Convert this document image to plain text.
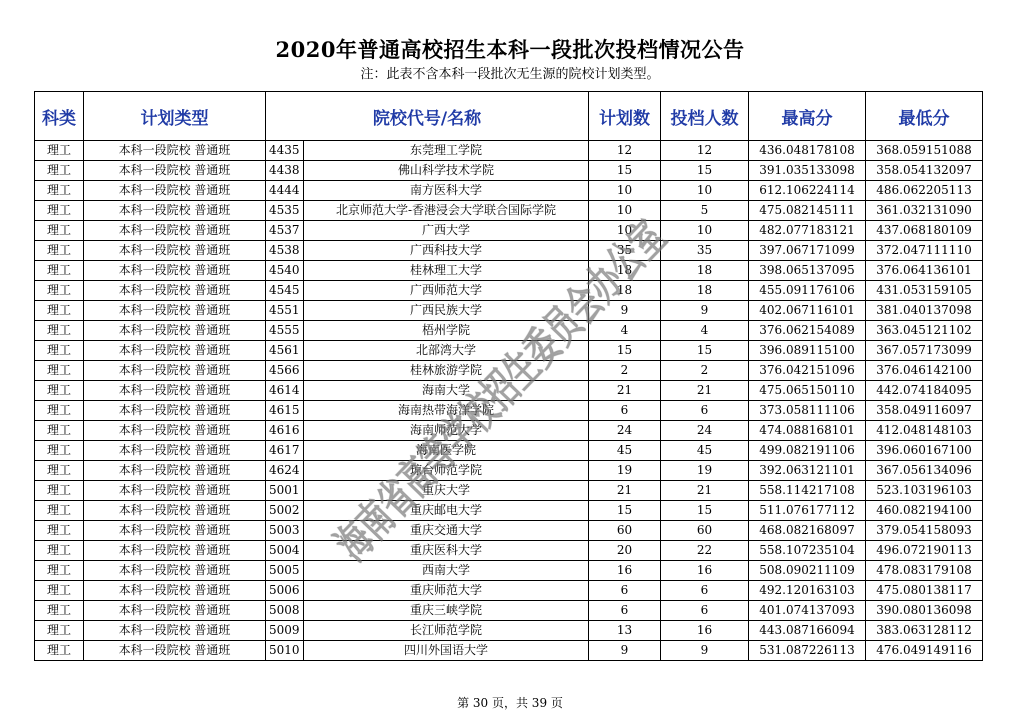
2020年普通高校招生本科一段批次投档情况公告
注：此表不含本科一段批次无生源的院校计划类型。
科类	计划类型	院校代号/名称		计划数	投档人数	最高分	最低分
理工	本科一段院校 普通班	4435	东莞理工学院	12	12	436.048178108	368.059151088
理工	本科一段院校 普通班	4438	佛山科学技术学院	15	15	391.035133098	358.054132097
理工	本科一段院校 普通班	4444	南方医科大学	10	10	612.106224114	486.062205113
理工	本科一段院校 普通班	4535	北京师范大学-香港浸会大学联合国际学院	10	5	475.082145111	361.032131090
理工	本科一段院校 普通班	4537	广西大学	10	10	482.077183121	437.068180109
理工	本科一段院校 普通班	4538	广西科技大学	35	35	397.067171099	372.047111110
理工	本科一段院校 普通班	4540	桂林理工大学	18	18	398.065137095	376.064136101
理工	本科一段院校 普通班	4545	广西师范大学	18	18	455.091176106	431.053159105
理工	本科一段院校 普通班	4551	广西民族大学	9	9	402.067116101	381.040137098
理工	本科一段院校 普通班	4555	梧州学院	4	4	376.062154089	363.045121102
理工	本科一段院校 普通班	4561	北部湾大学	15	15	396.089115100	367.057173099
理工	本科一段院校 普通班	4566	桂林旅游学院	2	2	376.042151096	376.046142100
理工	本科一段院校 普通班	4614	海南大学	21	21	475.065150110	442.074184095
理工	本科一段院校 普通班	4615	海南热带海洋学院	6	6	373.058111106	358.049116097
理工	本科一段院校 普通班	4616	海南师范大学	24	24	474.088168101	412.048148103
理工	本科一段院校 普通班	4617	海南医学院	45	45	499.082191106	396.060167100
理工	本科一段院校 普通班	4624	琼台师范学院	19	19	392.063121101	367.056134096
理工	本科一段院校 普通班	5001	重庆大学	21	21	558.114217108	523.103196103
理工	本科一段院校 普通班	5002	重庆邮电大学	15	15	511.076177112	460.082194100
理工	本科一段院校 普通班	5003	重庆交通大学	60	60	468.082168097	379.054158093
理工	本科一段院校 普通班	5004	重庆医科大学	20	22	558.107235104	496.072190113
理工	本科一段院校 普通班	5005	西南大学	16	16	508.090211109	478.083179108
理工	本科一段院校 普通班	5006	重庆师范大学	6	6	492.120163103	475.080138117
理工	本科一段院校 普通班	5008	重庆三峡学院	6	6	401.074137093	390.080136098
理工	本科一段院校 普通班	5009	长江师范学院	13	16	443.087166094	383.063128112
理工	本科一段院校 普通班	5010	四川外国语大学	9	9	531.087226113	476.049149116
海南省高等学校招生委员会办公室
第 30 页，共 39 页
